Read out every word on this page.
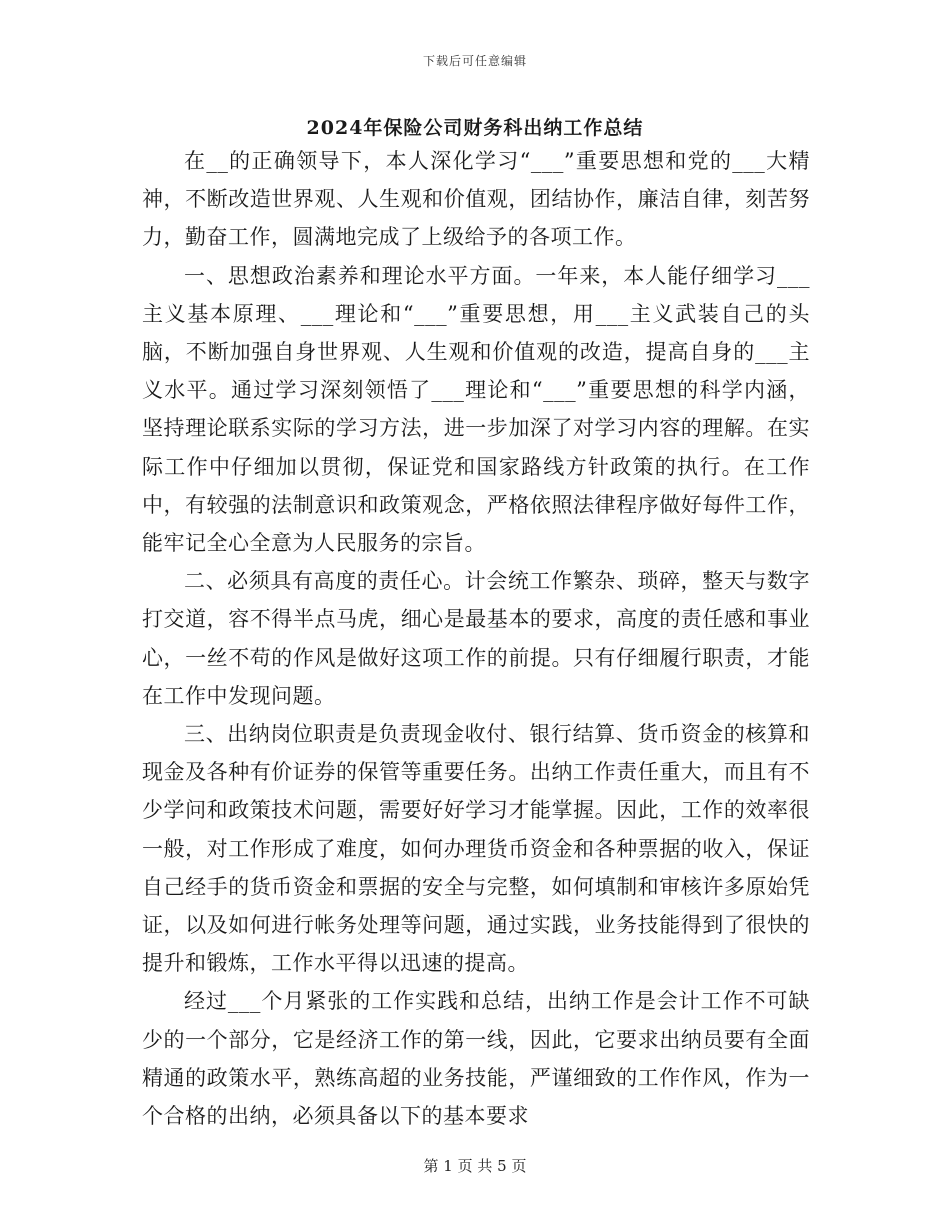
下载后可任意编辑
2024年保险公司财务科出纳工作总结

在__的正确领导下，本人深化学习“___”重要思想和党的___大精神，不断改造世界观、人生观和价值观，团结协作，廉洁自律，刻苦努力，勤奋工作，圆满地完成了上级给予的各项工作。

一、思想政治素养和理论水平方面。一年来，本人能仔细学习___主义基本原理、___理论和“___”重要思想，用___主义武装自己的头脑，不断加强自身世界观、人生观和价值观的改造，提高自身的___主义水平。通过学习深刻领悟了___理论和“___”重要思想的科学内涵，坚持理论联系实际的学习方法，进一步加深了对学习内容的理解。在实际工作中仔细加以贯彻，保证党和国家路线方针政策的执行。在工作中，有较强的法制意识和政策观念，严格依照法律程序做好每件工作，能牢记全心全意为人民服务的宗旨。

二、必须具有高度的责任心。计会统工作繁杂、琐碎，整天与数字打交道，容不得半点马虎，细心是最基本的要求，高度的责任感和事业心，一丝不苟的作风是做好这项工作的前提。只有仔细履行职责，才能在工作中发现问题。

三、出纳岗位职责是负责现金收付、银行结算、货币资金的核算和现金及各种有价证券的保管等重要任务。出纳工作责任重大，而且有不少学问和政策技术问题，需要好好学习才能掌握。因此，工作的效率很一般，对工作形成了难度，如何办理货币资金和各种票据的收入，保证自己经手的货币资金和票据的安全与完整，如何填制和审核许多原始凭证，以及如何进行帐务处理等问题，通过实践，业务技能得到了很快的提升和锻炼，工作水平得以迅速的提高。

经过___个月紧张的工作实践和总结，出纳工作是会计工作不可缺少的一个部分，它是经济工作的第一线，因此，它要求出纳员要有全面精通的政策水平，熟练高超的业务技能，严谨细致的工作作风，作为一个合格的出纳，必须具备以下的基本要求

第 1 页 共 5 页
